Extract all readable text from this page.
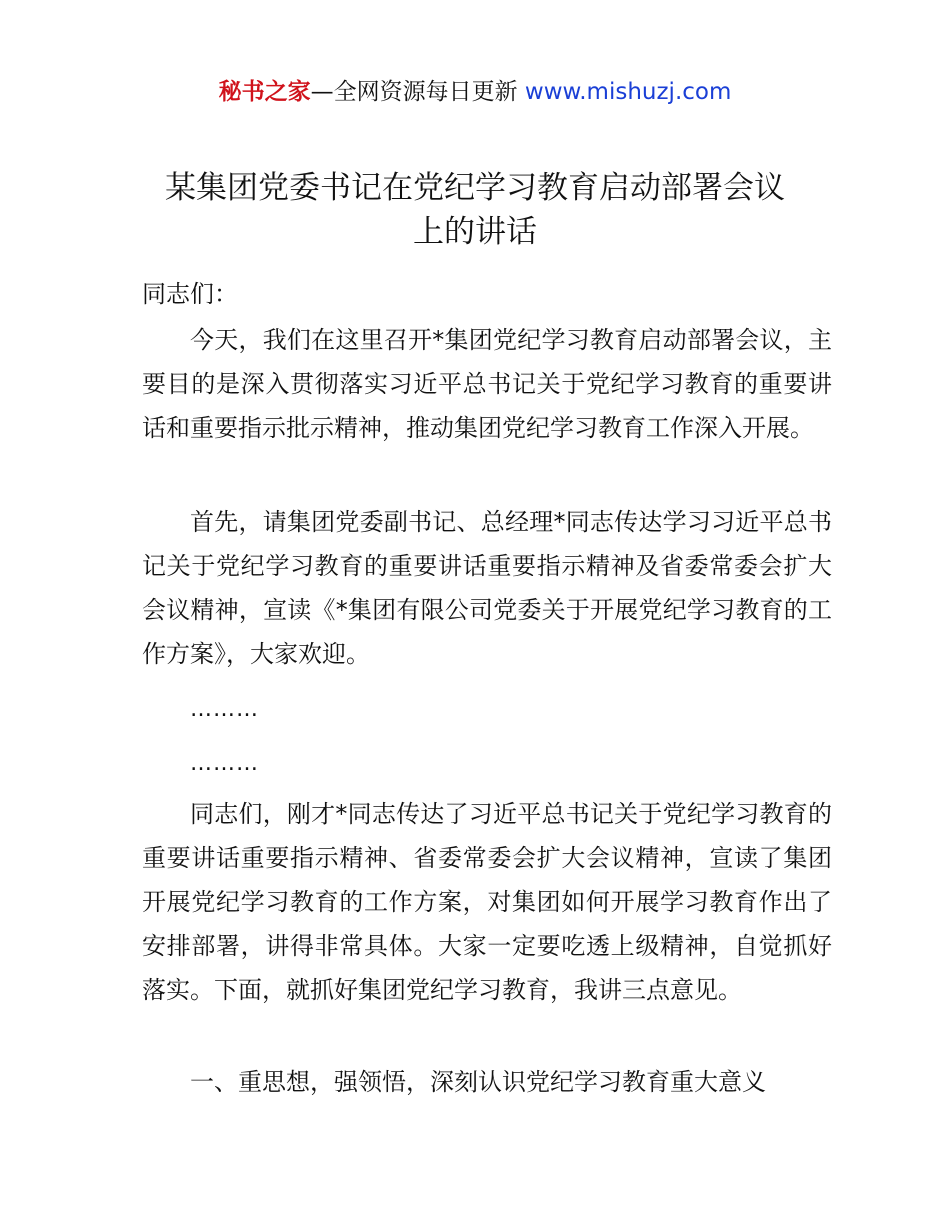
秘书之家—全网资源每日更新 www.mishuzj.com
某集团党委书记在党纪学习教育启动部署会议
上的讲话
同志们：

今天，我们在这里召开*集团党纪学习教育启动部署会议，主要目的是深入贯彻落实习近平总书记关于党纪学习教育的重要讲话和重要指示批示精神，推动集团党纪学习教育工作深入开展。

首先，请集团党委副书记、总经理*同志传达学习习近平总书记关于党纪学习教育的重要讲话重要指示精神及省委常委会扩大会议精神，宣读《*集团有限公司党委关于开展党纪学习教育的工作方案》，大家欢迎。

………
………

同志们，刚才*同志传达了习近平总书记关于党纪学习教育的重要讲话重要指示精神、省委常委会扩大会议精神，宣读了集团开展党纪学习教育的工作方案，对集团如何开展学习教育作出了安排部署，讲得非常具体。大家一定要吃透上级精神，自觉抓好落实。下面，就抓好集团党纪学习教育，我讲三点意见。

一、重思想，强领悟，深刻认识党纪学习教育重大意义
